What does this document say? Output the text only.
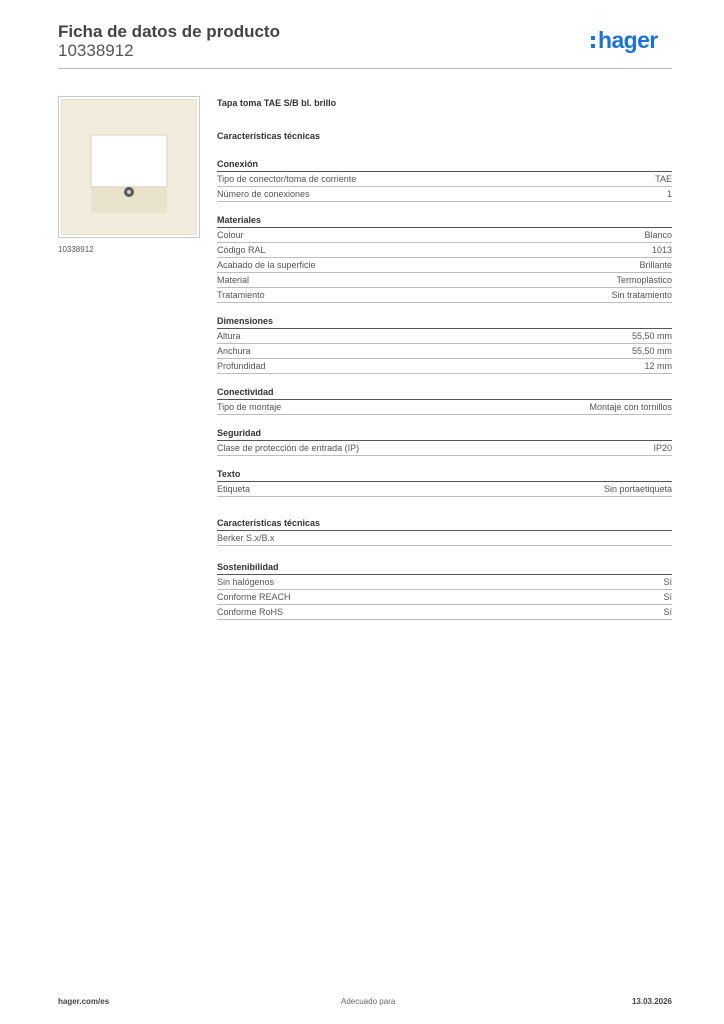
Ficha de datos de producto
10338912	hager
10338912
Tapa toma TAE S/B bl. brillo
Características técnicas
Conexión
Tipo de conector/toma de corriente	TAE
Número de conexiones	1
Materiales
Colour	Blanco
Código RAL	1013
Acabado de la superficie	Brillante
Material	Termoplástico
Tratamiento	Sin tratamiento
Dimensiones
Altura	55,50 mm
Anchura	55,50 mm
Profundidad	12 mm
Conectividad
Tipo de montaje	Montaje con tornillos
Seguridad
Clase de protección de entrada (IP)	IP20
Texto
Etiqueta	Sin portaetiqueta
Características técnicas
Berker S.x/B.x
Sostenibilidad
Sin halógenos	Sí
Conforme REACH	Sí
Conforme RoHS	Sí
hager.com/es	Adecuado para	13.03.2026
